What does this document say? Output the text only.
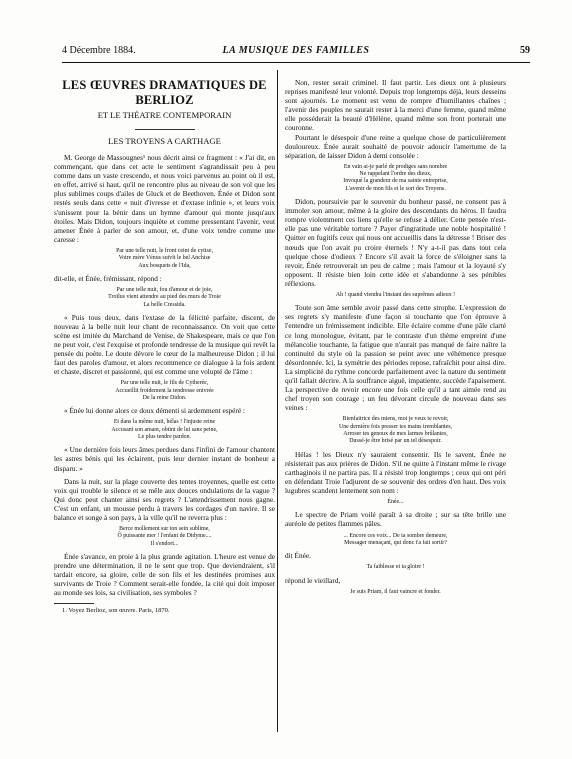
4 Décembre 1884.	LA MUSIQUE DES FAMILLES	59
LES ŒUVRES DRAMATIQUES DE BERLIOZ
ET LE THÉATRE CONTEMPORAIN
LES TROYENS A CARTHAGE

M. George de Massougnes¹ nous décrit ainsi ce fragment : « J'ai dit, en commençant, que dans cet acte le sentiment s'agrandissait peu à peu comme dans un vaste crescendo, et nous voici parvenus au point où il est, en effet, arrivé si haut, qu'il ne rencontre plus au niveau de son vol que les plus sublimes coups d'ailes de Gluck et de Beethoven. Énée et Didon sont restés seuls dans cette « nuit d'ivresse et d'extase infinie », et leurs voix s'unissent pour la bénir dans un hymne d'amour qui monte jusqu'aux étoiles. Mais Didon, toujours inquiète et comme pressentant l'avenir, veut amener Énée à parler de son amour, et, d'une voix tendre comme une caresse :

Par une telle nuit, le front ceint de cytise,
Votre mère Vénus suivit le bel Anchise
Aux bosquets de l'Ida,

dit-elle, et Énée, frémissant, répond :

Par une telle nuit, fou d'amour et de joie,
Troïlus vient attendre au pied des murs de Troie
La belle Cressida.

« Puis tous deux, dans l'extase de la félicité parfaite, discent, de nouveau à la belle nuit leur chant de reconnaissance. On voit que cette scène est imitée du Marchand de Venise, de Shakespeare, mais ce que l'on ne peut voir, c'est l'exquise et profonde tendresse de la musique qui revêt la pensée du poète. Le doute dévore le cœur de la malheureuse Didon ; il lui faut des paroles d'amour, et alors recommence ce dialogue à la fois ardent et chaste, discret et passionné, qui est comme une volupté de l'âme :

Par une telle nuit, le fils de Cytherée,
Accueillit froidement la tendresse enivrée
De la reine Didon.

« Énée lui donne alors ce doux démenti si ardemment espéré :

Et dans la même nuit, hélas ! l'injuste reine
Accusant son amant, obtint de lui sans peine,
Le plus tendre pardon.

« Une dernière fois leurs âmes perdues dans l'infini de l'amour chantent les astres bénis qui les éclairent, puis leur dernier instant de bonheur a disparu. »

Dans la nuit, sur la plage couverte des tentes troyennes, quelle est cette voix qui trouble le silence et se mêle aux douces ondulations de la vague ? Qui donc peut chanter ainsi ses regrets ? L'attendrissement nous gagne. C'est un enfant, un mousse perdu à travers les cordages d'un navire. Il se balance et songe à son pays, à la ville qu'il ne reverra plus :

Berce mollement sur ton sein sublime,
Ô puissante mer ! l'enfant de Didyme....
Il s'endort...

Énée s'avance, en proie à la plus grande agitation. L'heure est venue de prendre une détermination, il ne le sent que trop. Que deviendraient, s'il tardait encore, sa gloire, celle de son fils et les destinées promises aux survivants de Troie ? Comment serait-elle fondée, la cité qui doit imposer au monde ses lois, sa civilisation, ses symboles ?

1. Voyez Berlioz, son œuvre. Paris, 1870.

Non, rester serait criminel. Il faut partir. Les dieux ont à plusieurs reprises manifesté leur volonté. Depuis trop longtemps déjà, leurs desseins sont ajournés. Le moment est venu de rompre d'humiliantes chaînes ; l'avenir des peuples ne saurait rester à la merci d'une femme, quand même elle posséderait la beauté d'Hélène, quand même son front porterait une couronne.

Pourtant le désespoir d'une reine a quelque chose de particulièrement douloureux. Énée aurait souhaité de pouvoir adoucir l'amertume de la séparation, de laisser Didon à demi consolée :

En vain ai-je parlé de prodiges sans nombre
Ne rappelant l'ordre des dieux,
Invoqué la grandeur de ma sainte entreprise,
L'avenir de mon fils et le sort des Troyens.

Didon, poursuivie par le souvenir du bonheur passé, ne consent pas à immoler son amour, même à la gloire des descendants du héros. Il faudra rompre violemment ces liens qu'elle se refuse à délier. Cette pensée n'est-elle pas une véritable torture ? Payer d'ingratitude une noble hospitalité ! Quitter en fugitifs ceux qui nous ont accueillis dans la détresse ! Briser des nœuds que l'on avait pu croire éternels ! N'y a-t-il pas dans tout cela quelque chose d'odieux ? Encore s'il avait la force de s'éloigner sans la revoir, Énée retrouverait un peu de calme ; mais l'amour et la loyauté s'y opposent. Il résiste bien loin cette idée et s'abandonne à ses pénibles réflexions.

Ah ! quand viendra l'instant des suprêmes adieux !

Toute son âme semble avoir passé dans cette strophe. L'expression de ses regrets s'y manifeste d'une façon si touchante que l'on éprouve à l'entendre un frémissement indicible. Elle éclaire comme d'une pâle clarté ce long monologue, évitant, par le contraste d'un thème empreint d'une mélancolie touchante, la fatigue que n'aurait pas manqué de faire naître la continuité du style où la passion se peint avec une véhémence presque désordonnée. Ici, la symétrie des périodes repose, rafraîchit pour ainsi dire. La simplicité du rythme concorde parfaitement avec la nature du sentiment qu'il fallait décrire. A la souffrance aiguë, impatiente, succède l'apaisement. La perspective de revoir encore une fois celle qu'il a tant aimée rend au chef troyen son courage ; un feu dévorant circule de nouveau dans ses veines :

Bienfaitrice des miens, moi je veux te revoir,
Une dernière fois presser tes mains tremblantes,
Arroser tes genoux de mes larmes brûlantes,
Dussé-je être brisé par un tel désespoir.

Hélas ! les Dieux n'y sauraient consentir. Ils le savent, Énée ne résisterait pas aux prières de Didon. S'il ne quitte à l'instant même le rivage carthaginois il ne partira pas. Il a résisté trop longtemps ; ceux qui ont péri en défendant Troie l'adjurent de se souvenir des ordres d'en haut. Des voix lugubres scandent lentement son nom :

Énée...

Le spectre de Priam voilé paraît à sa droite ; sur sa tête brille une auréole de petites flammes pâles.

... Encore ces voix... De ta sombre demeure,
Messager menaçant, qui donc t'a fait sortir?

dit Énée.

Ta faiblesse et ta gloire !

répond le vieillard,

Je suis Priam, il faut vaincre et fonder.
